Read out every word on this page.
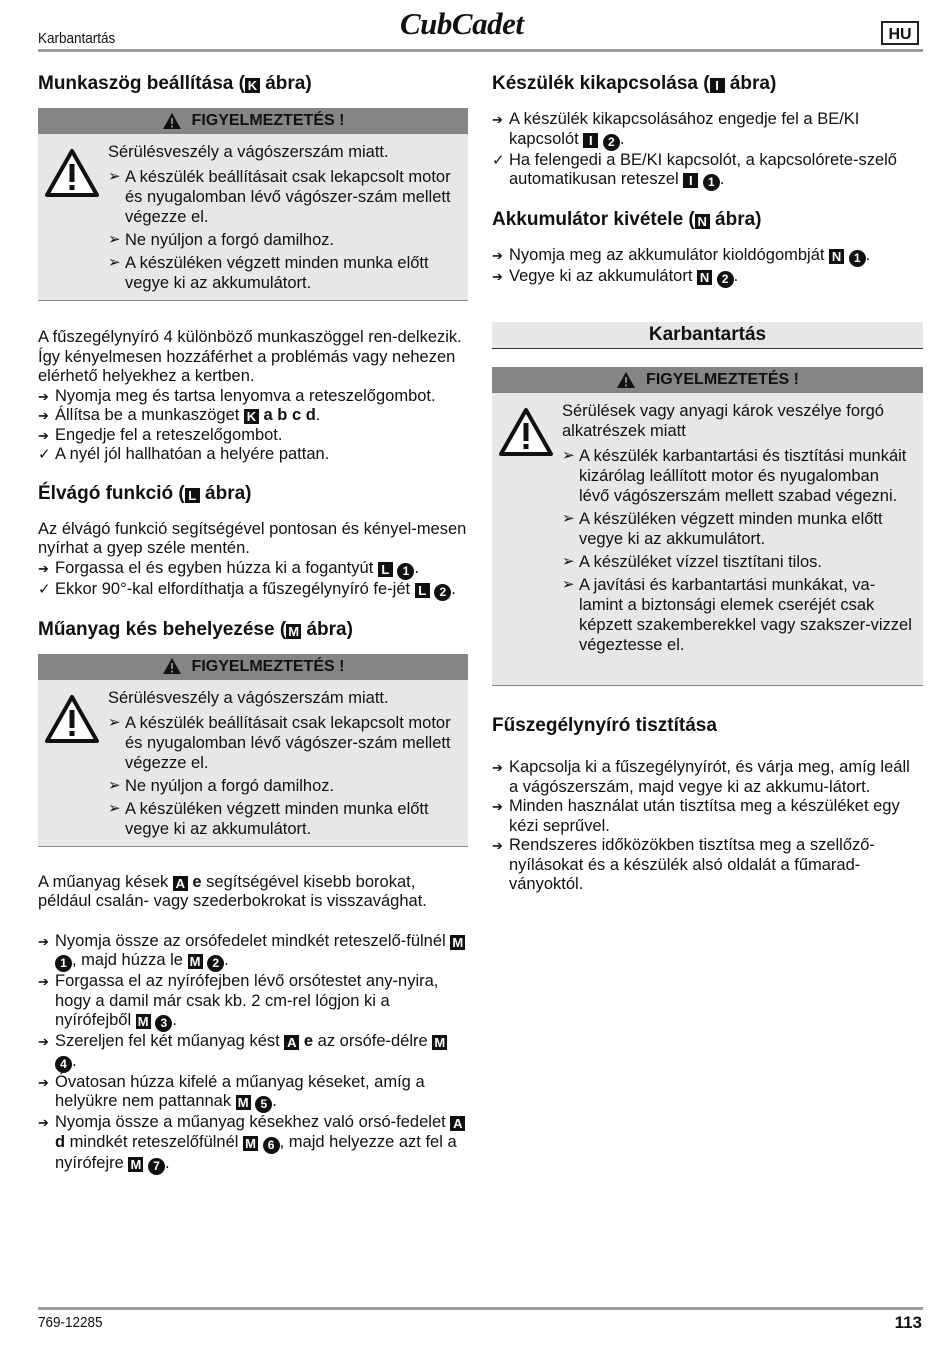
Karbantartás	CubCadet	HU
Munkaszög beállítása ( K ábra)
FIGYELMEZTETÉS !
Sérülésveszély a vágószerszám miatt.
➢ A készülék beállításait csak lekapcsolt motor és nyugalomban lévő vágószer-szám mellett végezze el.
➢ Ne nyúljon a forgó damilhoz.
➢ A készüléken végzett minden munka előtt vegye ki az akkumulátort.

A fűszegélynyíró 4 különböző munkaszöggel ren-delkezik. Így kényelmesen hozzáférhet a problémás vagy nehezen elérhető helyekhez a kertben.

➔ Nyomja meg és tartsa lenyomva a reteszelőgombot.
➔ Állítsa be a munkaszöget K a b c d.
➔ Engedje fel a reteszelőgombot.
✓ A nyél jól hallhatóan a helyére pattan.
Élvágó funkció ( L ábra)

Az élvágó funkció segítségével pontosan és kényel-mesen nyírhat a gyep széle mentén.

➔ Forgassa el és egyben húzza ki a fogantyút L 1 .
✓ Ekkor 90°-kal elfordíthatja a fűszegélynyíró fe-jét L 2 .
Műanyag kés behelyezése ( M ábra)
FIGYELMEZTETÉS !
Sérülésveszély a vágószerszám miatt.
➢ A készülék beállításait csak lekapcsolt motor és nyugalomban lévő vágószer-szám mellett végezze el.
➢ Ne nyúljon a forgó damilhoz.
➢ A készüléken végzett minden munka előtt vegye ki az akkumulátort.

A műanyag kések A e segítségével kisebb borokat, például csalán- vagy szederbokrokat is visszavághat.

➔ Nyomja össze az orsófedelet mindkét reteszelő-fülnél M 1 , majd húzza le M 2 .
➔ Forgassa el az nyírófejben lévő orsótestet any-nyira, hogy a damil már csak kb. 2 cm-rel lógjon ki a nyírófejből M 3 .
➔ Szereljen fel két műanyag kést A e az orsófe-délre M 4 .
➔ Óvatosan húzza kifelé a műanyag késeket, amíg a helyükre nem pattannak M 5 .
➔ Nyomja össze a műanyag késekhez való orsó-fedelet A d mindkét reteszelőfülnél M 6 , majd helyezze azt fel a nyírófejre M 7 .
Készülék kikapcsolása ( I ábra)
➔ A készülék kikapcsolásához engedje fel a BE/KI kapcsolót I 2 .
✓ Ha felengedi a BE/KI kapcsolót, a kapcsolórete-szelő automatikusan reteszel I 1 .
Akkumulátor kivétele ( N ábra)
➔ Nyomja meg az akkumulátor kioldógombját N 1 .
➔ Vegye ki az akkumulátort N 2 .
Karbantartás
FIGYELMEZTETÉS !
Sérülések vagy anyagi károk veszélye forgó alkatrészek miatt
➢ A készülék karbantartási és tisztítási munkáit kizárólag leállított motor és nyugalomban lévő vágószerszám mellett szabad végezni.
➢ A készüléken végzett minden munka előtt vegye ki az akkumulátort.
➢ A készüléket vízzel tisztítani tilos.
➢ A javítási és karbantartási munkákat, va-lamint a biztonsági elemek cseréjét csak képzett szakemberekkel vagy szakszer-vizzel végeztesse el.
Fűszegélynyíró tisztítása
➔ Kapcsolja ki a fűszegélynyírót, és várja meg, amíg leáll a vágószerszám, majd vegye ki az akkumu-látort.
➔ Minden használat után tisztítsa meg a készüléket egy kézi seprűvel.
➔ Rendszeres időközökben tisztítsa meg a szellőző-nyílásokat és a készülék alsó oldalát a fűmarad-ványoktól.
769-12285	113
